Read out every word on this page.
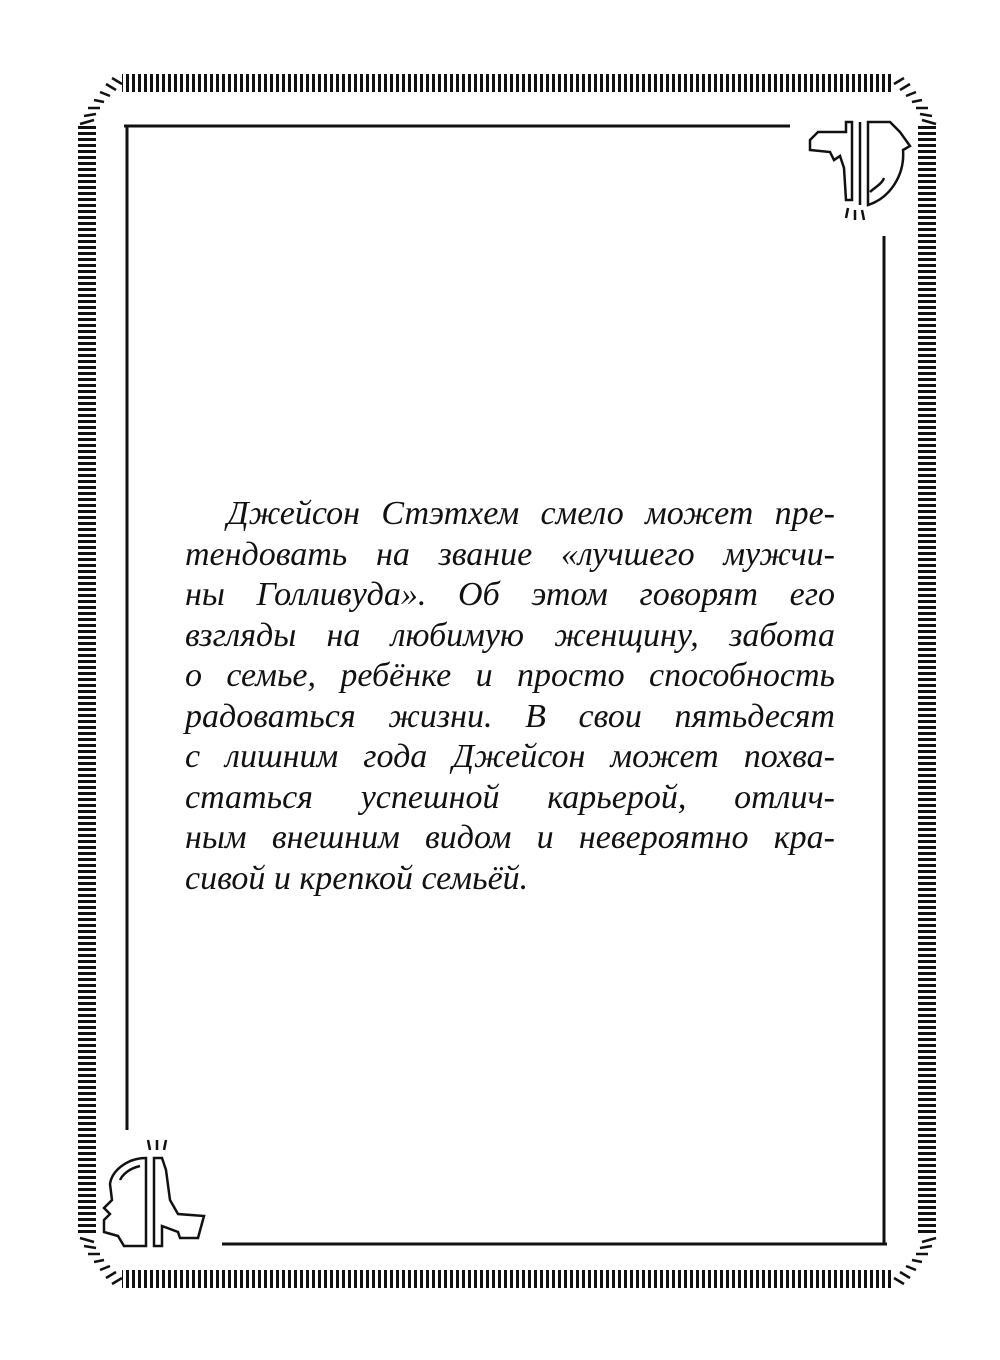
Джейсон Стэтхем смело может пре-
тендовать на звание «лучшего мужчи-
ны Голливуда». Об этом говорят его
взгляды на любимую женщину, забота
о семье, ребёнке и просто способность
радоваться жизни. В свои пятьдесят
с лишним года Джейсон может похва-
статься успешной карьерой, отлич-
ным внешним видом и невероятно кра-
сивой и крепкой семьёй.
